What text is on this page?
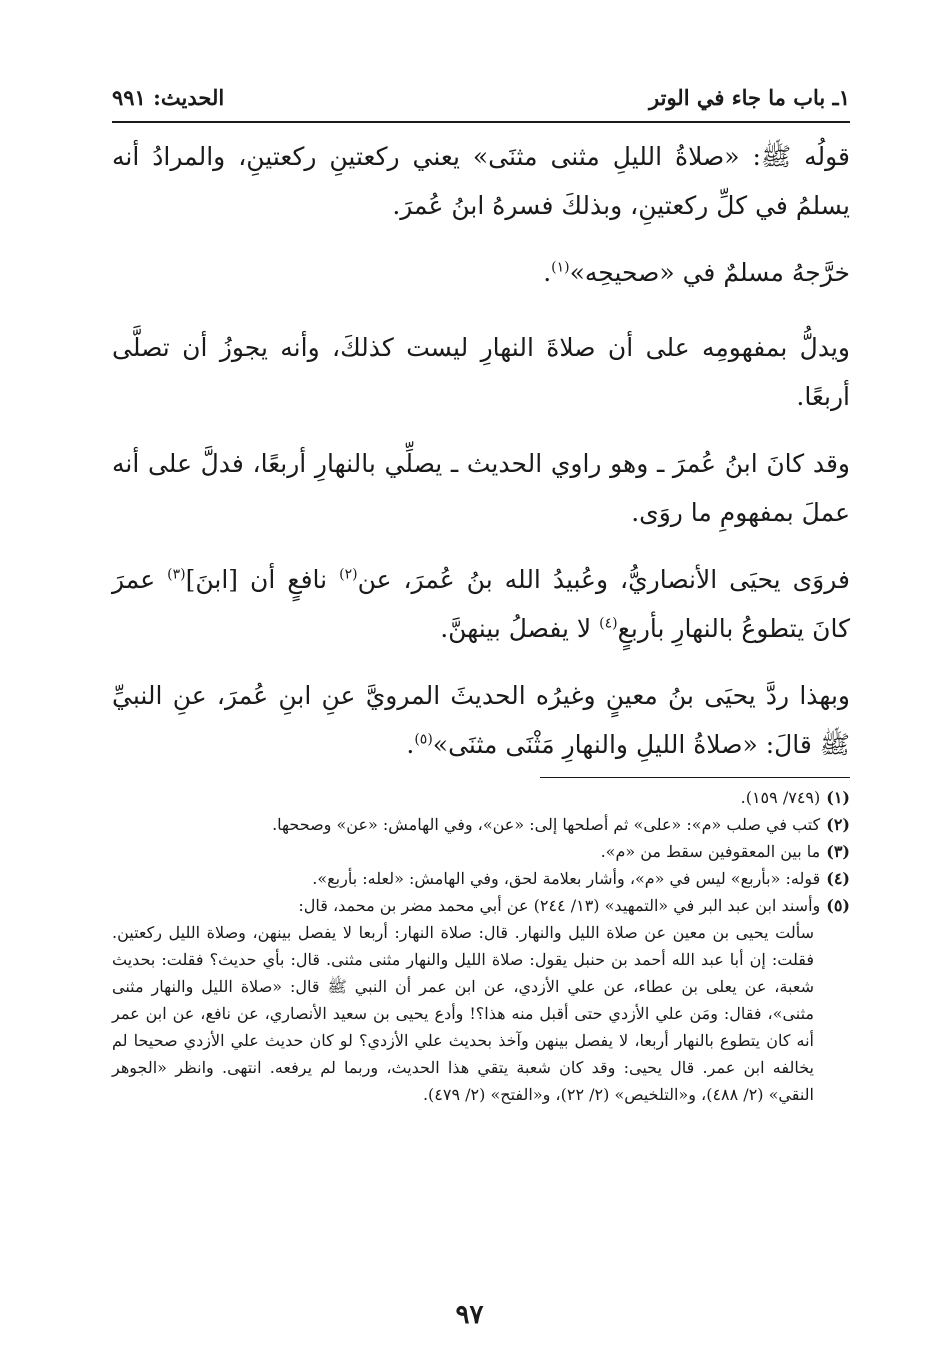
١ـ باب ما جاء في الوتر
الحديث: ٩٩١

قولُه ﷺ: «صلاةُ الليلِ مثنى مثنَى» يعني ركعتينِ ركعتينِ، والمرادُ أنه يسلمُ في كلِّ ركعتينِ، وبذلكَ فسرهُ ابنُ عُمرَ.

خرَّجهُ مسلمٌ في «صحيحِه»$^{(١)}$.

ويدلُّ بمفهومِه على أن صلاةَ النهارِ ليست كذلكَ، وأنه يجوزُ أن تصلَّى أربعًا.

وقد كانَ ابنُ عُمرَ ـ وهو راوي الحديث ـ يصلِّي بالنهارِ أربعًا، فدلَّ على أنه عملَ بمفهومِ ما روَى.

فروَى يحيَى الأنصاريُّ، وعُبيدُ الله بنُ عُمرَ، عن$^{(٢)}$ نافعٍ أن [ابنَ]$^{(٣)}$ عمرَ كانَ يتطوعُ بالنهارِ بأربعٍ$^{(٤)}$ لا يفصلُ بينهنَّ.

وبهذا ردَّ يحيَى بنُ معينٍ وغيرُه الحديثَ المرويَّ عنِ ابنِ عُمرَ، عنِ النبيِّ ﷺ قالَ: «صلاةُ الليلِ والنهارِ مَثْنَى مثنَى»$^{(٥)}$.

(١)(٧٤٩/ ١٥٩).
(٢)كتب في صلب «م»: «على» ثم أصلحها إلى: «عن»، وفي الهامش: «عن» وصححها.
(٣)ما بين المعقوفين سقط من «م».
(٤)قوله: «بأربع» ليس في «م»، وأشار بعلامة لحق، وفي الهامش: «لعله: بأربع».
(٥)وأسند ابن عبد البر في «التمهيد» (١٣/ ٢٤٤) عن أبي محمد مضر بن محمد، قال:
سألت يحيى بن معين عن صلاة الليل والنهار. قال: صلاة النهار: أربعا لا يفصل بينهن، وصلاة الليل ركعتين. فقلت: إن أبا عبد الله أحمد بن حنبل يقول: صلاة الليل والنهار مثنى مثنى. قال: بأي حديث؟ فقلت: بحديث شعبة، عن يعلى بن عطاء، عن علي الأزدي، عن ابن عمر أن النبي ﷺ قال: «صلاة الليل والنهار مثنى مثنى»، فقال: ومَن علي الأزدي حتى أقبل منه هذا؟! وأدع يحيى بن سعيد الأنصاري، عن نافع، عن ابن عمر أنه كان يتطوع بالنهار أربعا، لا يفصل بينهن وآخذ بحديث علي الأزدي؟ لو كان حديث علي الأزدي صحيحا لم يخالفه ابن عمر. قال يحيى: وقد كان شعبة يتقي هذا الحديث، وربما لم يرفعه. انتهى. وانظر «الجوهر النقي» (٢/ ٤٨٨)، و«التلخيص» (٢/ ٢٢)، و«الفتح» (٢/ ٤٧٩).
٩٧
